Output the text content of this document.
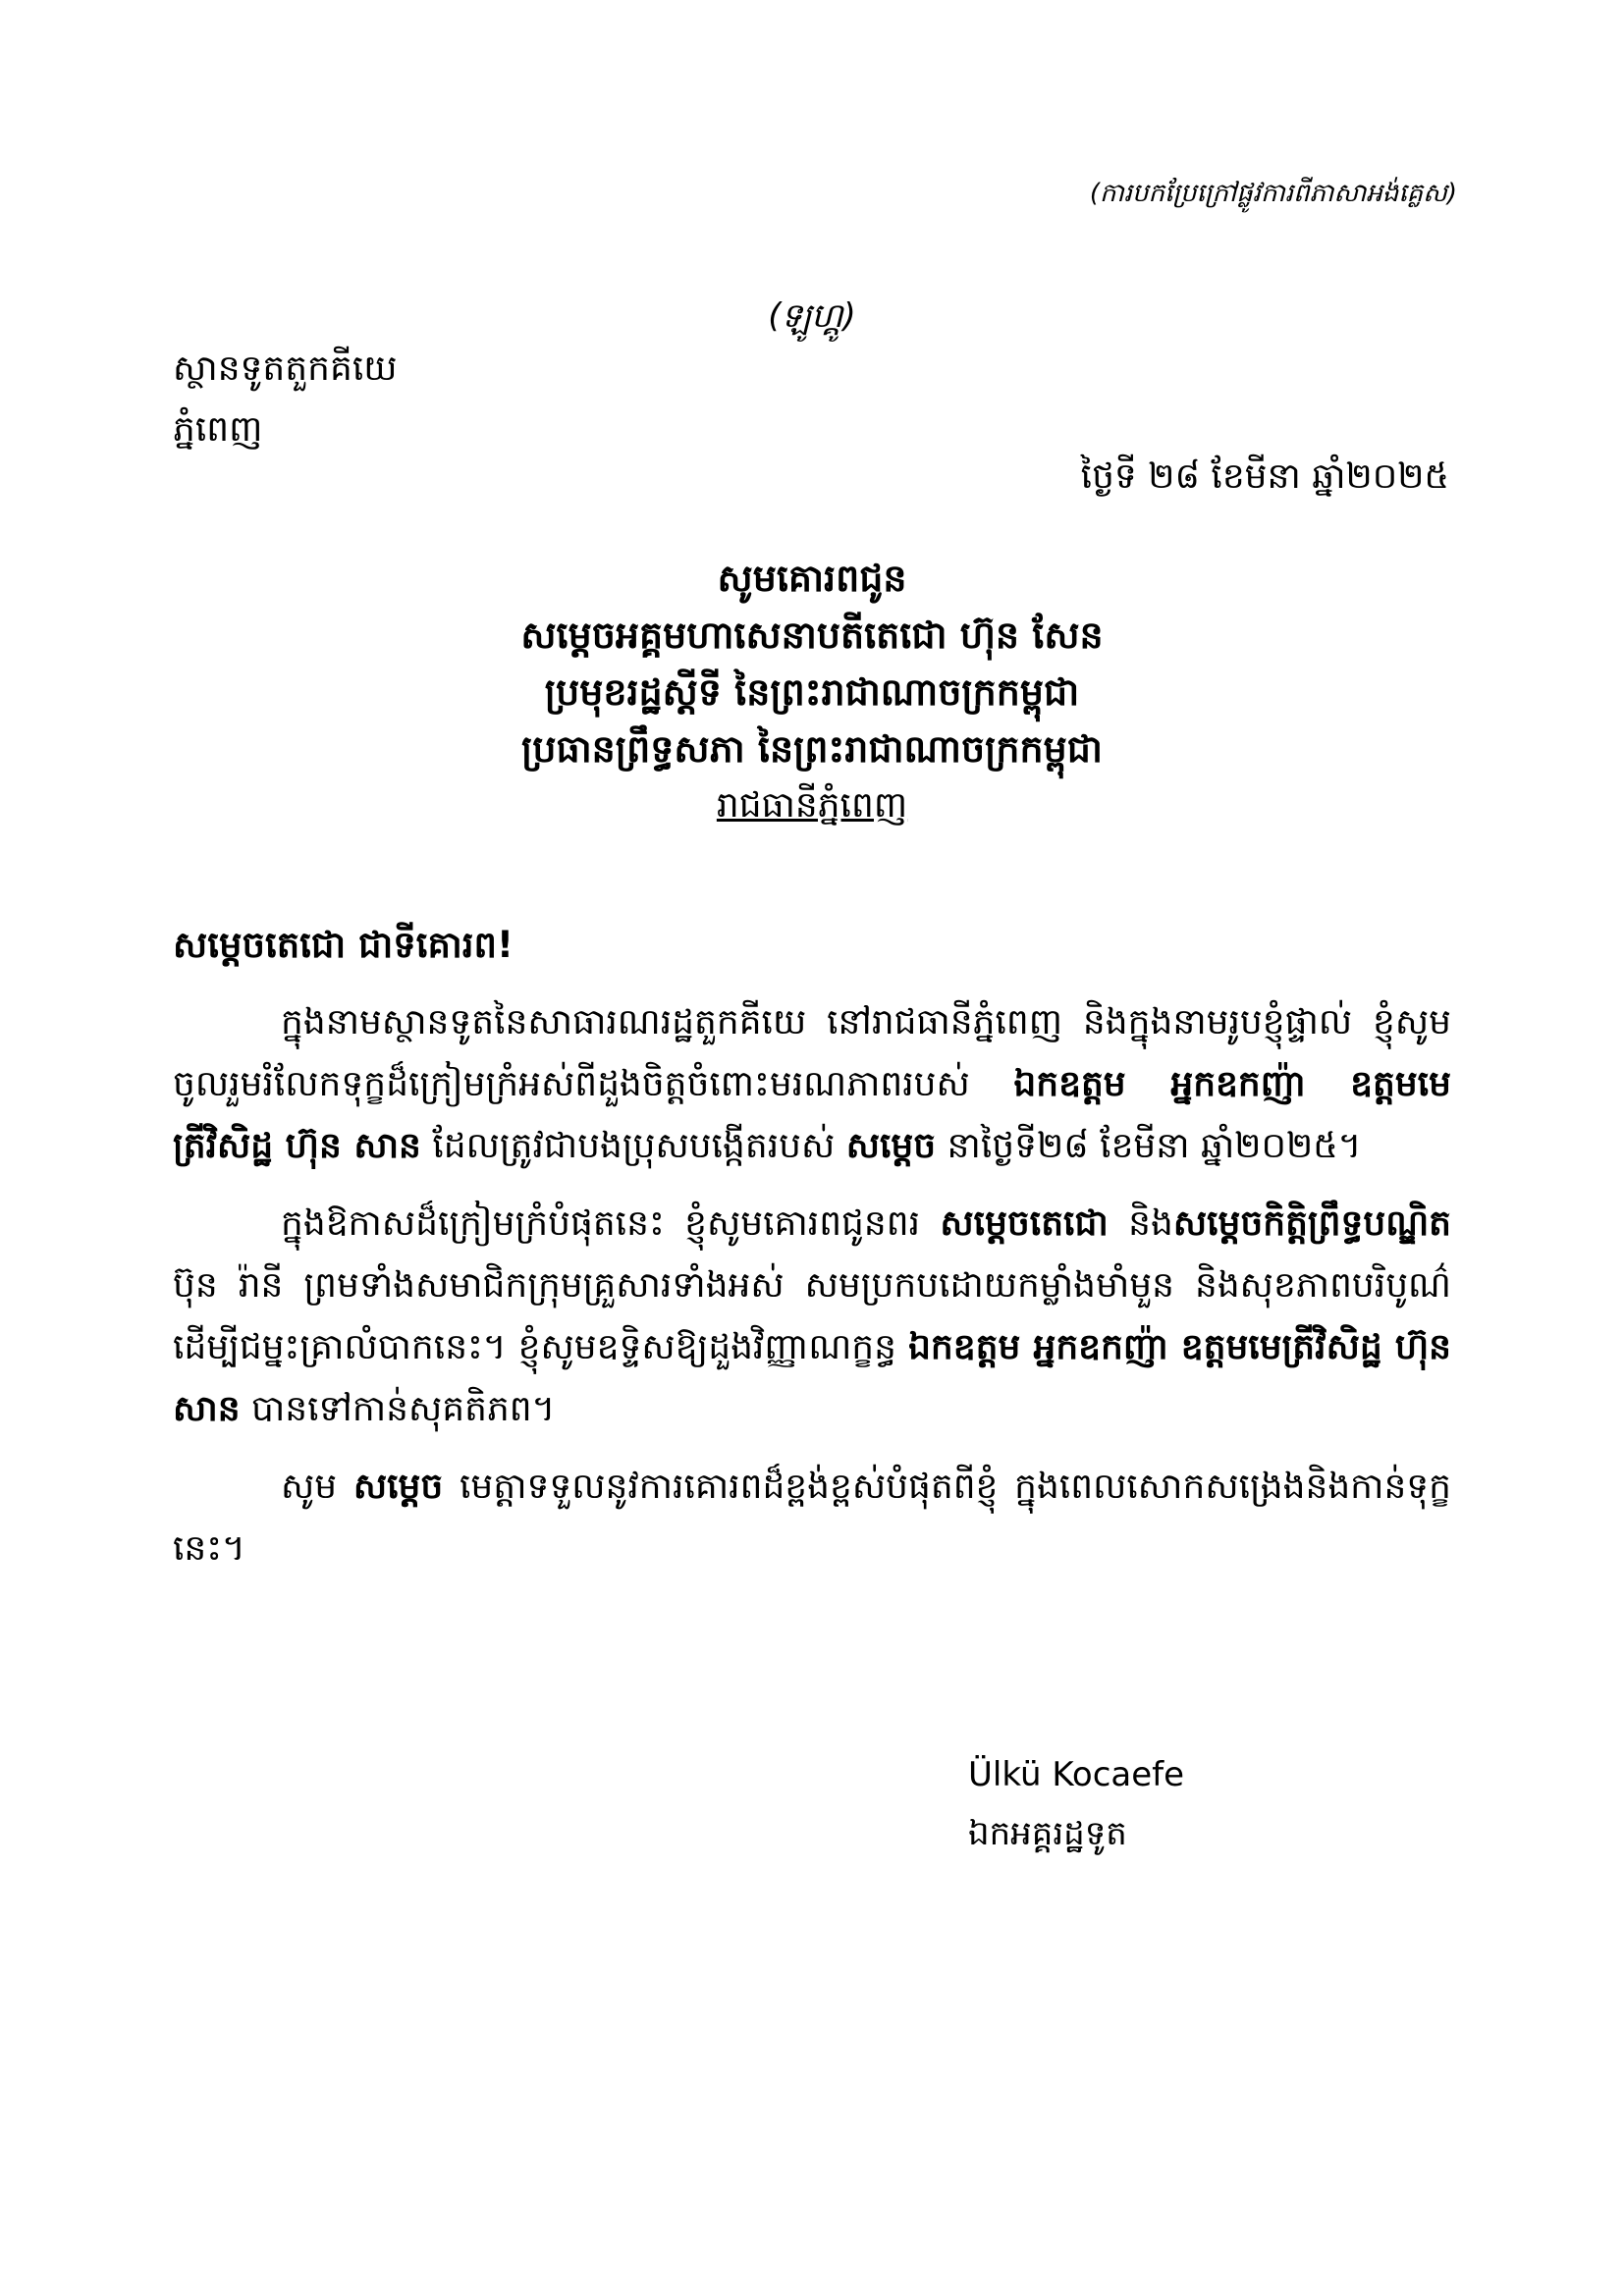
(ការបកប្រែក្រៅផ្លូវការពីភាសាអង់គ្លេស)
(ឡូហ្គូ)
ស្ថានទូតតួកគីយេ
ភ្នំពេញ
ថ្ងៃទី ២៨ ខែមីនា ឆ្នាំ២០២៥
សូមគោរពជូន
សម្តេចអគ្គមហាសេនាបតីតេជោ ហ៊ុន សែន
ប្រមុខរដ្ឋស្តីទី នៃព្រះរាជាណាចក្រកម្ពុជា
ប្រធានព្រឹទ្ធសភា នៃព្រះរាជាណាចក្រកម្ពុជា
រាជធានីភ្នំពេញ
សម្តេចតេជោ ជាទីគោរព!

ក្នុងនាមស្ថានទូតនៃសាធារណរដ្ឋតួកគីយេ នៅរាជធានីភ្នំពេញ និងក្នុងនាមរូបខ្ញុំផ្ទាល់ ខ្ញុំសូមចូលរួមរំលែកទុក្ខដ៏ក្រៀមក្រំអស់ពីដួងចិត្តចំពោះមរណភាពរបស់ ឯកឧត្តម អ្នកឧកញ៉ា ឧត្តមមេត្រីវិសិដ្ឋ ហ៊ុន សាន ដែលត្រូវជាបងប្រុសបង្កើតរបស់ សម្តេច នាថ្ងៃទី២៨ ខែមីនា ឆ្នាំ២០២៥។

ក្នុងឱកាសដ៏ក្រៀមក្រំបំផុតនេះ ខ្ញុំសូមគោរពជូនពរ សម្តេចតេជោ និងសម្តេចកិត្តិព្រឹទ្ធបណ្ឌិត ប៊ុន រ៉ានី ព្រមទាំងសមាជិកក្រុមគ្រួសារទាំងអស់ សមប្រកបដោយកម្លាំងមាំមួន និងសុខភាពបរិបូណ៌ ដើម្បីជម្នះគ្រាលំបាកនេះ។ ខ្ញុំសូមឧទ្ទិសឱ្យដួងវិញ្ញាណក្ខន្ធ ឯកឧត្តម អ្នកឧកញ៉ា ឧត្តមមេត្រីវិសិដ្ឋ ហ៊ុន សាន បានទៅកាន់សុគតិភព។

សូម សម្តេច មេត្តាទទួលនូវការគោរពដ៏ខ្ពង់ខ្ពស់បំផុតពីខ្ញុំ ក្នុងពេលសោកសង្រេងនិងកាន់ទុក្ខនេះ។

Ülkü Kocaefe
ឯកអគ្គរដ្ឋទូត
